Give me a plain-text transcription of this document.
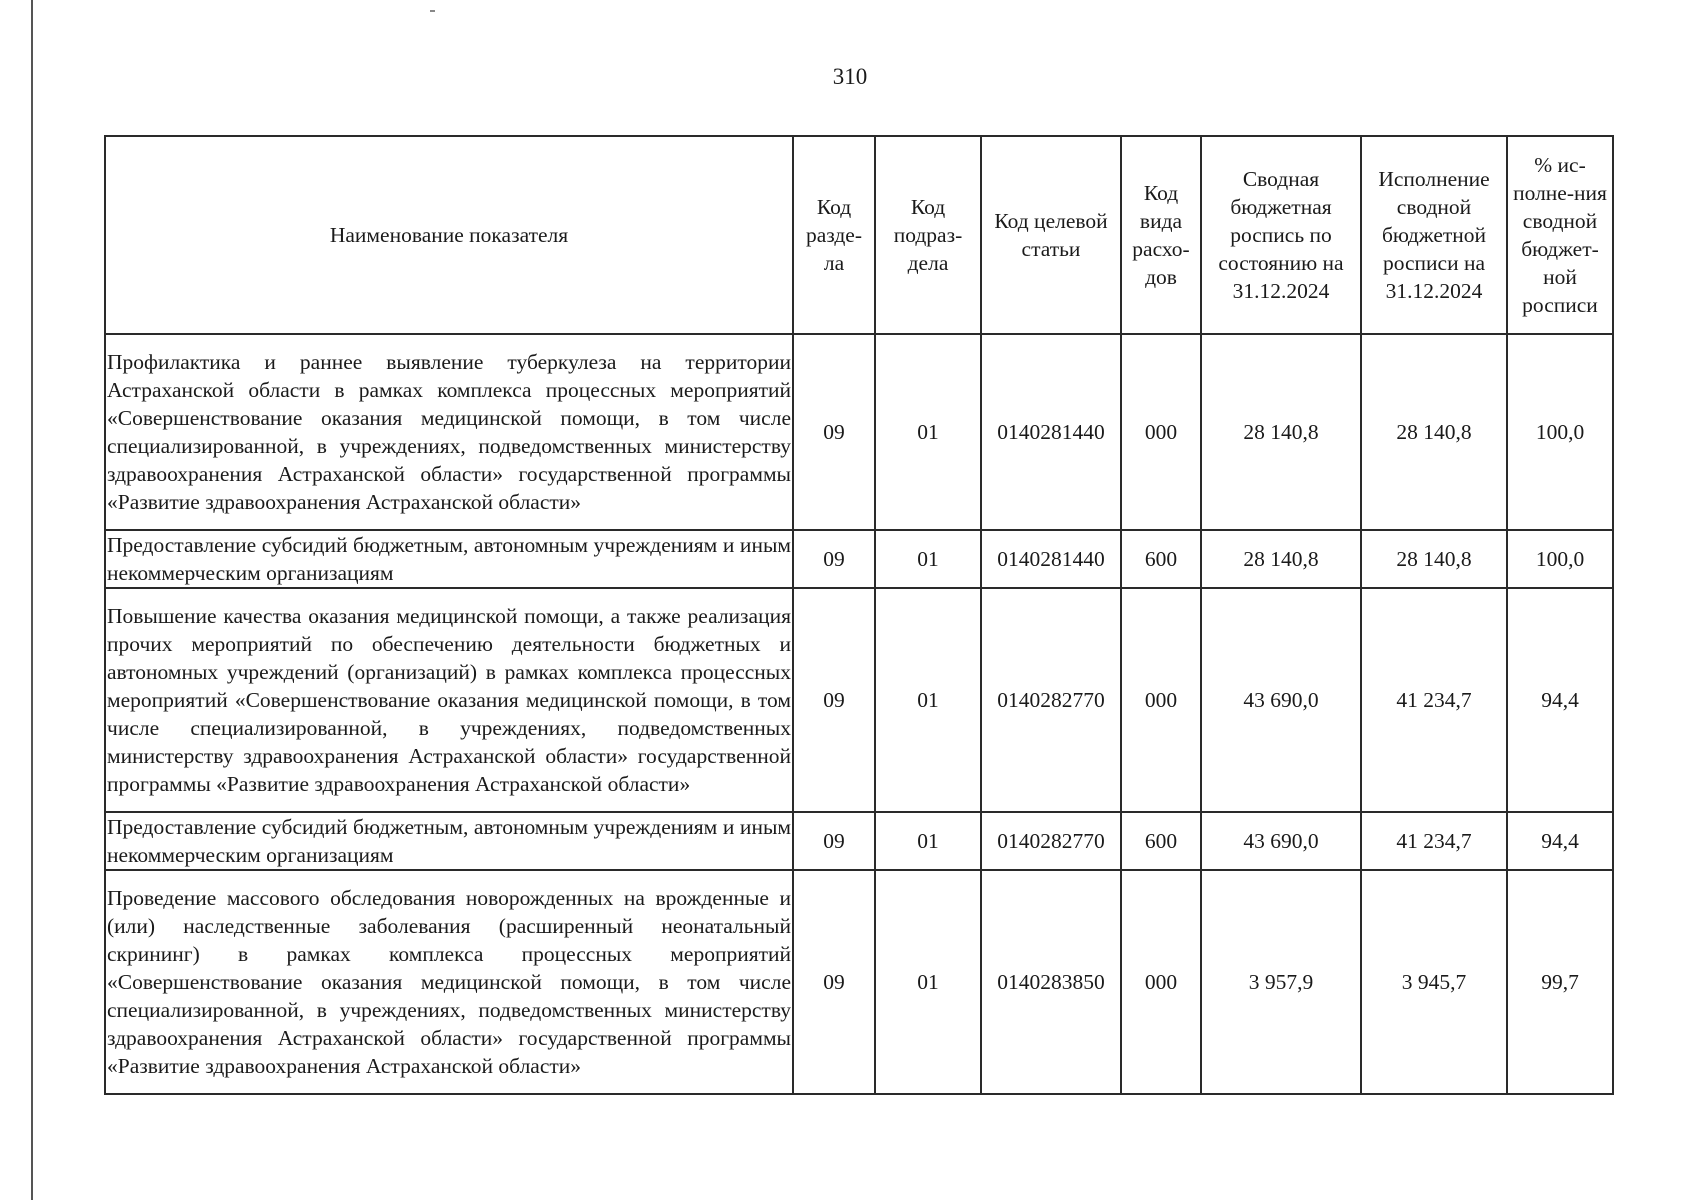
310
Наименование показателя	Код разде-ла	Код подраз-дела	Код целевой статьи	Код вида расхо-дов	Сводная бюджетная роспись по состоянию на 31.12.2024	Исполнение сводной бюджетной росписи на 31.12.2024	% ис-полне-ния сводной бюджет-ной росписи
Профилактика и раннее выявление туберкулеза на территории Астраханской области в рамках комплекса процессных мероприятий «Совершенствование оказания медицинской помощи, в том числе специализированной, в учреждениях, подведомственных министерству здравоохранения Астраханской области» государственной программы «Развитие здравоохранения Астраханской области»	09	01	0140281440	000	28 140,8	28 140,8	100,0
Предоставление субсидий бюджетным, автономным учреждениям и иным некоммерческим организациям	09	01	0140281440	600	28 140,8	28 140,8	100,0
Повышение качества оказания медицинской помощи, а также реализация прочих мероприятий по обеспечению деятельности бюджетных и автономных учреждений (организаций) в рамках комплекса процессных мероприятий «Совершенствование оказания медицинской помощи, в том числе специализированной, в учреждениях, подведомственных министерству здравоохранения Астраханской области» государственной программы «Развитие здравоохранения Астраханской области»	09	01	0140282770	000	43 690,0	41 234,7	94,4
Предоставление субсидий бюджетным, автономным учреждениям и иным некоммерческим организациям	09	01	0140282770	600	43 690,0	41 234,7	94,4
Проведение массового обследования новорожденных на врожденные и (или) наследственные заболевания (расширенный неонатальный скрининг) в рамках комплекса процессных мероприятий «Совершенствование оказания медицинской помощи, в том числе специализированной, в учреждениях, подведомственных министерству здравоохранения Астраханской области» государственной программы «Развитие здравоохранения Астраханской области»	09	01	0140283850	000	3 957,9	3 945,7	99,7
